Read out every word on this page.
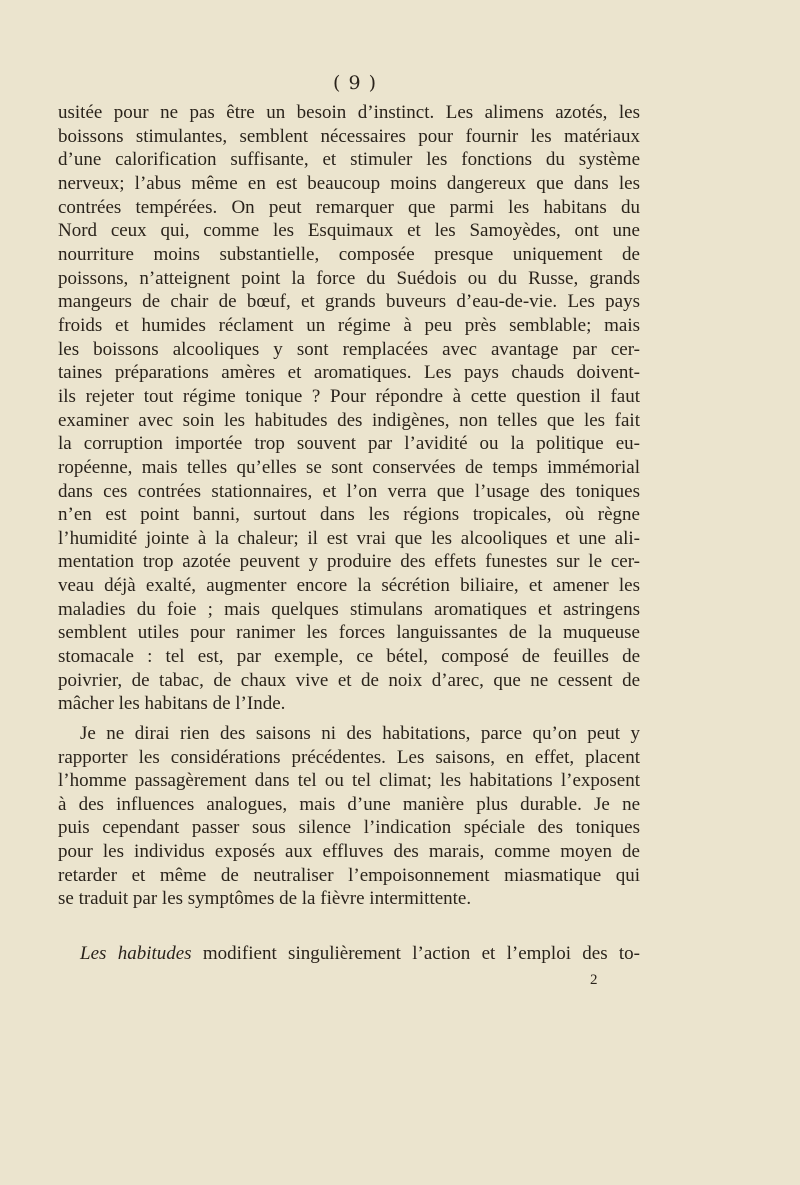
( 9 )
usitée pour ne pas être un besoin d’instinct. Les alimens azotés, les
boissons stimulantes, semblent nécessaires pour fournir les matériaux
d’une calorification suffisante, et stimuler les fonctions du système
nerveux; l’abus même en est beaucoup moins dangereux que dans les
contrées tempérées. On peut remarquer que parmi les habitans du
Nord ceux qui, comme les Esquimaux et les Samoyèdes, ont une
nourriture moins substantielle, composée presque uniquement de
poissons, n’atteignent point la force du Suédois ou du Russe, grands
mangeurs de chair de bœuf, et grands buveurs d’eau-de-vie. Les pays
froids et humides réclament un régime à peu près semblable; mais
les boissons alcooliques y sont remplacées avec avantage par cer-
taines préparations amères et aromatiques. Les pays chauds doivent-
ils rejeter tout régime tonique ? Pour répondre à cette question il faut
examiner avec soin les habitudes des indigènes, non telles que les fait
la corruption importée trop souvent par l’avidité ou la politique eu-
ropéenne, mais telles qu’elles se sont conservées de temps immémorial
dans ces contrées stationnaires, et l’on verra que l’usage des toniques
n’en est point banni, surtout dans les régions tropicales, où règne
l’humidité jointe à la chaleur; il est vrai que les alcooliques et une ali-
mentation trop azotée peuvent y produire des effets funestes sur le cer-
veau déjà exalté, augmenter encore la sécrétion biliaire, et amener les
maladies du foie ; mais quelques stimulans aromatiques et astringens
semblent utiles pour ranimer les forces languissantes de la muqueuse
stomacale : tel est, par exemple, ce bétel, composé de feuilles de
poivrier, de tabac, de chaux vive et de noix d’arec, que ne cessent de
mâcher les habitans de l’Inde.
Je ne dirai rien des saisons ni des habitations, parce qu’on peut y
rapporter les considérations précédentes. Les saisons, en effet, placent
l’homme passagèrement dans tel ou tel climat; les habitations l’exposent
à des influences analogues, mais d’une manière plus durable. Je ne
puis cependant passer sous silence l’indication spéciale des toniques
pour les individus exposés aux effluves des marais, comme moyen de
retarder et même de neutraliser l’empoisonnement miasmatique qui
se traduit par les symptômes de la fièvre intermittente.
Les habitudes modifient singulièrement l’action et l’emploi des to-
2
